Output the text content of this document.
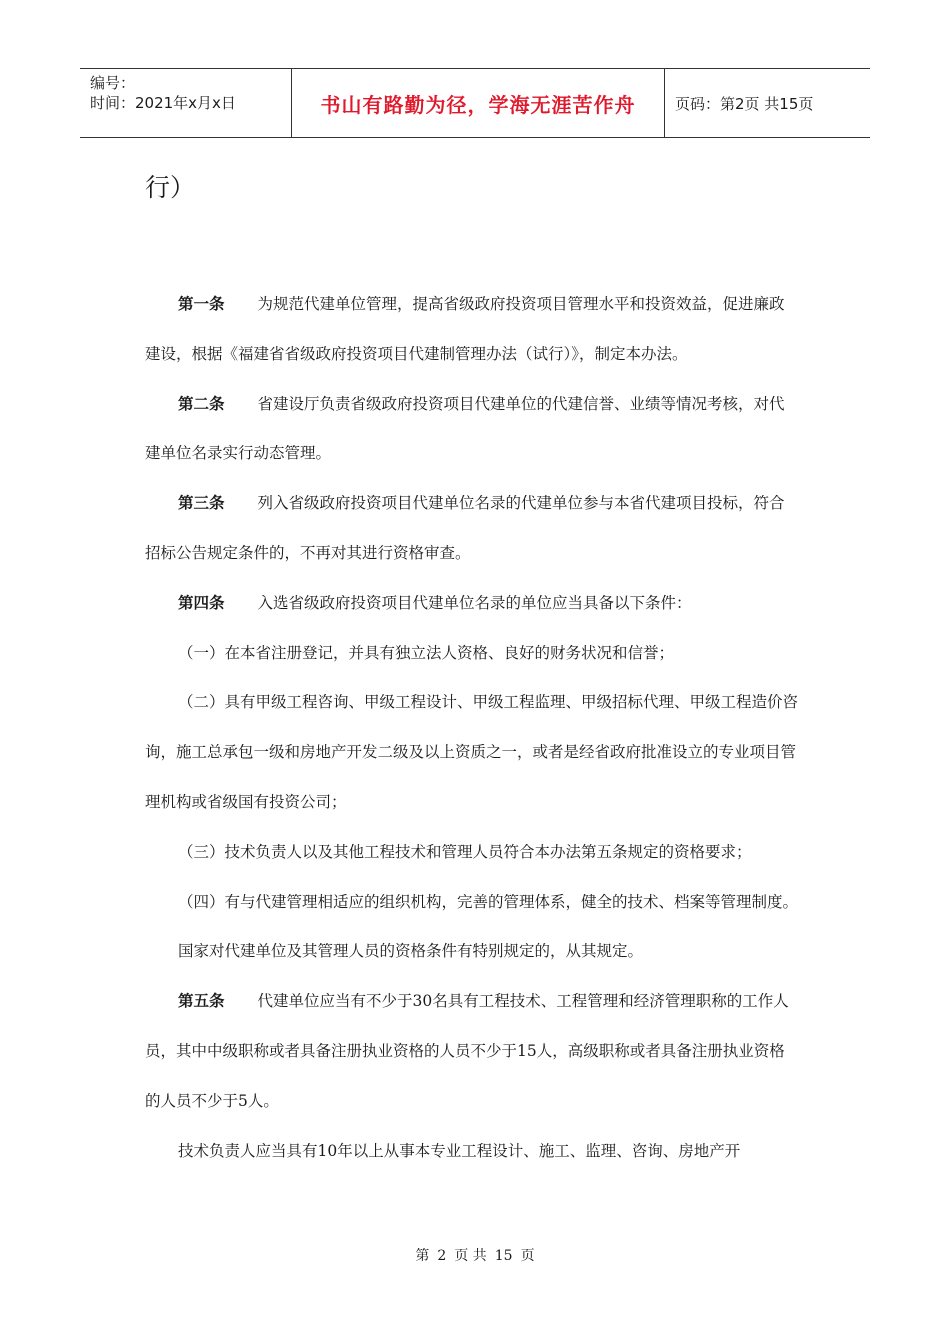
编号：
时间：2021年x月x日	书山有路勤为径，学海无涯苦作舟	页码：第2页 共15页
行）

第一条 为规范代建单位管理，提高省级政府投资项目管理水平和投资效益，促进廉政建设，根据《福建省省级政府投资项目代建制管理办法（试行）》，制定本办法。

第二条 省建设厅负责省级政府投资项目代建单位的代建信誉、业绩等情况考核，对代建单位名录实行动态管理。

第三条 列入省级政府投资项目代建单位名录的代建单位参与本省代建项目投标，符合招标公告规定条件的，不再对其进行资格审查。

第四条 入选省级政府投资项目代建单位名录的单位应当具备以下条件：

（一）在本省注册登记，并具有独立法人资格、良好的财务状况和信誉；

（二）具有甲级工程咨询、甲级工程设计、甲级工程监理、甲级招标代理、甲级工程造价咨询，施工总承包一级和房地产开发二级及以上资质之一，或者是经省政府批准设立的专业项目管理机构或省级国有投资公司；

（三）技术负责人以及其他工程技术和管理人员符合本办法第五条规定的资格要求；

（四）有与代建管理相适应的组织机构，完善的管理体系，健全的技术、档案等管理制度。

国家对代建单位及其管理人员的资格条件有特别规定的，从其规定。

第五条 代建单位应当有不少于30名具有工程技术、工程管理和经济管理职称的工作人员，其中中级职称或者具备注册执业资格的人员不少于15人，高级职称或者具备注册执业资格的人员不少于5人。

技术负责人应当具有10年以上从事本专业工程设计、施工、监理、咨询、房地产开

第 2 页 共 15 页
